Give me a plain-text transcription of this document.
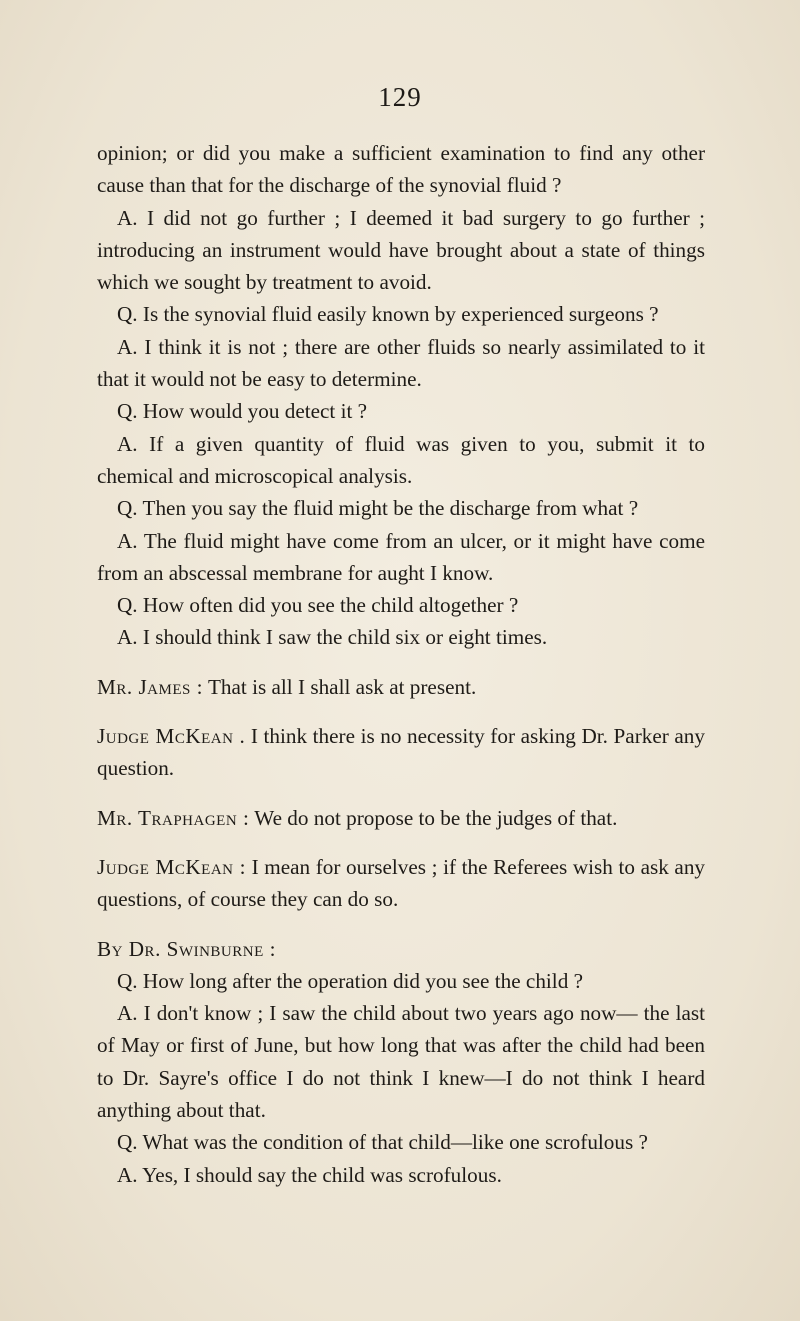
129

opinion; or did you make a sufficient examination to find any other cause than that for the discharge of the synovial fluid ?

A. I did not go further ; I deemed it bad surgery to go further ; introducing an instrument would have brought about a state of things which we sought by treatment to avoid.

Q. Is the synovial fluid easily known by experienced surgeons ?

A. I think it is not ; there are other fluids so nearly assimilated to it that it would not be easy to determine.

Q. How would you detect it ?

A. If a given quantity of fluid was given to you, submit it to chemical and microscopical analysis.

Q. Then you say the fluid might be the discharge from what ?

A. The fluid might have come from an ulcer, or it might have come from an abscessal membrane for aught I know.

Q. How often did you see the child altogether ?

A. I should think I saw the child six or eight times.

Mr. James : That is all I shall ask at present.

Judge McKean . I think there is no necessity for asking Dr. Parker any question.

Mr. Traphagen : We do not propose to be the judges of that.

Judge McKean : I mean for ourselves ; if the Referees wish to ask any questions, of course they can do so.

By Dr. Swinburne :

Q. How long after the operation did you see the child ?

A. I don't know ; I saw the child about two years ago now— the last of May or first of June, but how long that was after the child had been to Dr. Sayre's office I do not think I knew—I do not think I heard anything about that.

Q. What was the condition of that child—like one scrofulous ?

A. Yes, I should say the child was scrofulous.
